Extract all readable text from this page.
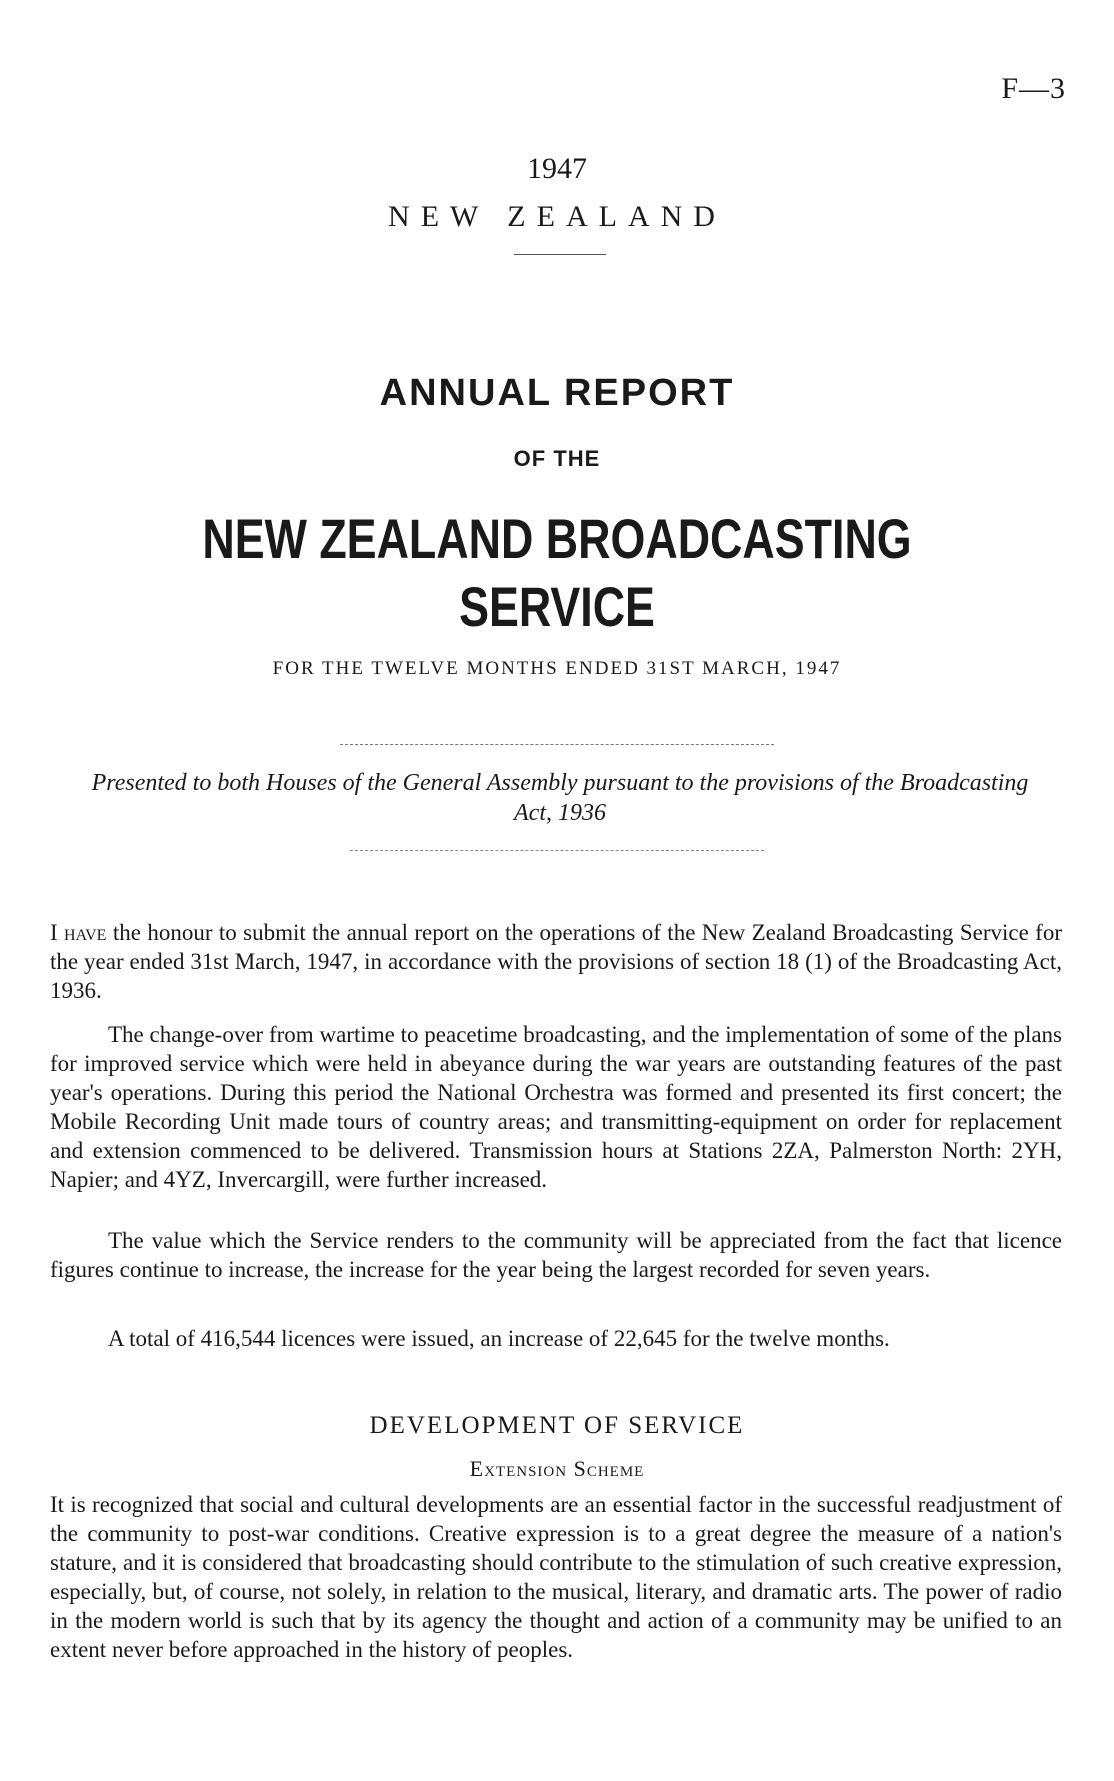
F—3
1947
NEW ZEALAND
ANNUAL REPORT
OF THE
NEW ZEALAND BROADCASTING
SERVICE
FOR THE TWELVE MONTHS ENDED 31ST MARCH, 1947
Presented to both Houses of the General Assembly pursuant to the provisions of the Broadcasting Act, 1936

I have the honour to submit the annual report on the operations of the New Zealand Broadcasting Service for the year ended 31st March, 1947, in accordance with the provisions of section 18 (1) of the Broadcasting Act, 1936.

The change-over from wartime to peacetime broadcasting, and the implementation of some of the plans for improved service which were held in abeyance during the war years are outstanding features of the past year's operations. During this period the National Orchestra was formed and presented its first concert; the Mobile Recording Unit made tours of country areas; and transmitting-equipment on order for replacement and extension commenced to be delivered. Transmission hours at Stations 2ZA, Palmerston North: 2YH, Napier; and 4YZ, Invercargill, were further increased.

The value which the Service renders to the community will be appreciated from the fact that licence figures continue to increase, the increase for the year being the largest recorded for seven years.

A total of 416,544 licences were issued, an increase of 22,645 for the twelve months.

DEVELOPMENT OF SERVICE
Extension Scheme

It is recognized that social and cultural developments are an essential factor in the successful readjustment of the community to post-war conditions. Creative expression is to a great degree the measure of a nation's stature, and it is considered that broadcasting should contribute to the stimulation of such creative expression, especially, but, of course, not solely, in relation to the musical, literary, and dramatic arts. The power of radio in the modern world is such that by its agency the thought and action of a community may be unified to an extent never before approached in the history of peoples.
